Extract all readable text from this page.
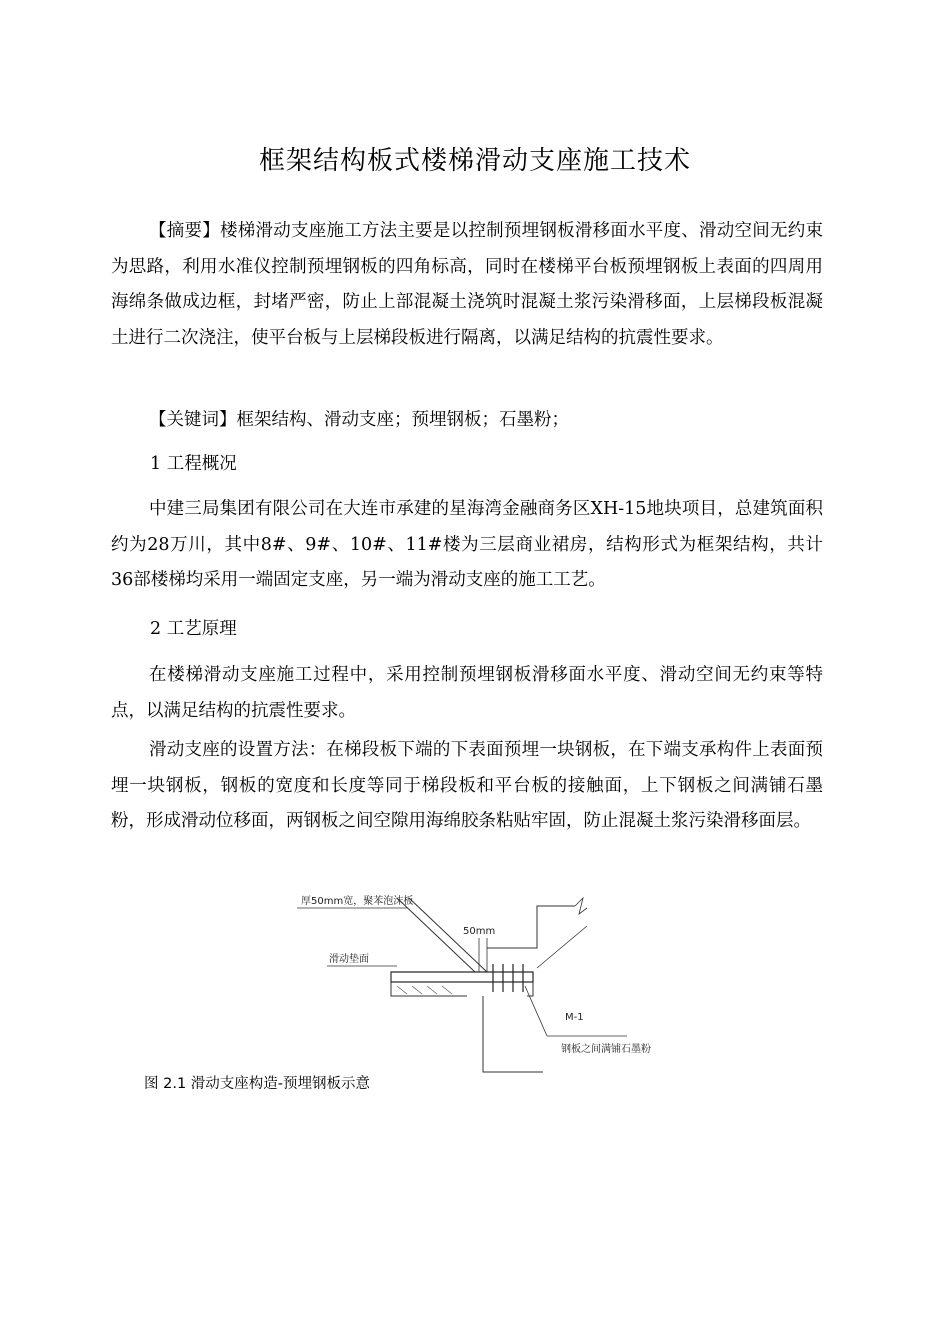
框架结构板式楼梯滑动支座施工技术

【摘要】楼梯滑动支座施工方法主要是以控制预埋钢板滑移面水平度、滑动空间无约束为思路，利用水准仪控制预埋钢板的四角标高，同时在楼梯平台板预埋钢板上表面的四周用海绵条做成边框，封堵严密，防止上部混凝土浇筑时混凝土浆污染滑移面，上层梯段板混凝土进行二次浇注，使平台板与上层梯段板进行隔离，以满足结构的抗震性要求。

【关键词】框架结构、滑动支座；预埋钢板；石墨粉；

1 工程概况

中建三局集团有限公司在大连市承建的星海湾金融商务区XH-15地块项目，总建筑面积约为28万川，其中8#、9#、10#、11#楼为三层商业裙房，结构形式为框架结构，共计36部楼梯均采用一端固定支座，另一端为滑动支座的施工工艺。

2 工艺原理

在楼梯滑动支座施工过程中，采用控制预埋钢板滑移面水平度、滑动空间无约束等特点，以满足结构的抗震性要求。

滑动支座的设置方法：在梯段板下端的下表面预埋一块钢板，在下端支承构件上表面预埋一块钢板，钢板的宽度和长度等同于梯段板和平台板的接触面，上下钢板之间满铺石墨粉，形成滑动位移面，两钢板之间空隙用海绵胶条粘贴牢固，防止混凝土浆污染滑移面层。

厚50mm宽，聚苯泡沫板
50mm
滑动垫面
M-1
钢板之间满铺石墨粉

图 2.1 滑动支座构造-预埋钢板示意
